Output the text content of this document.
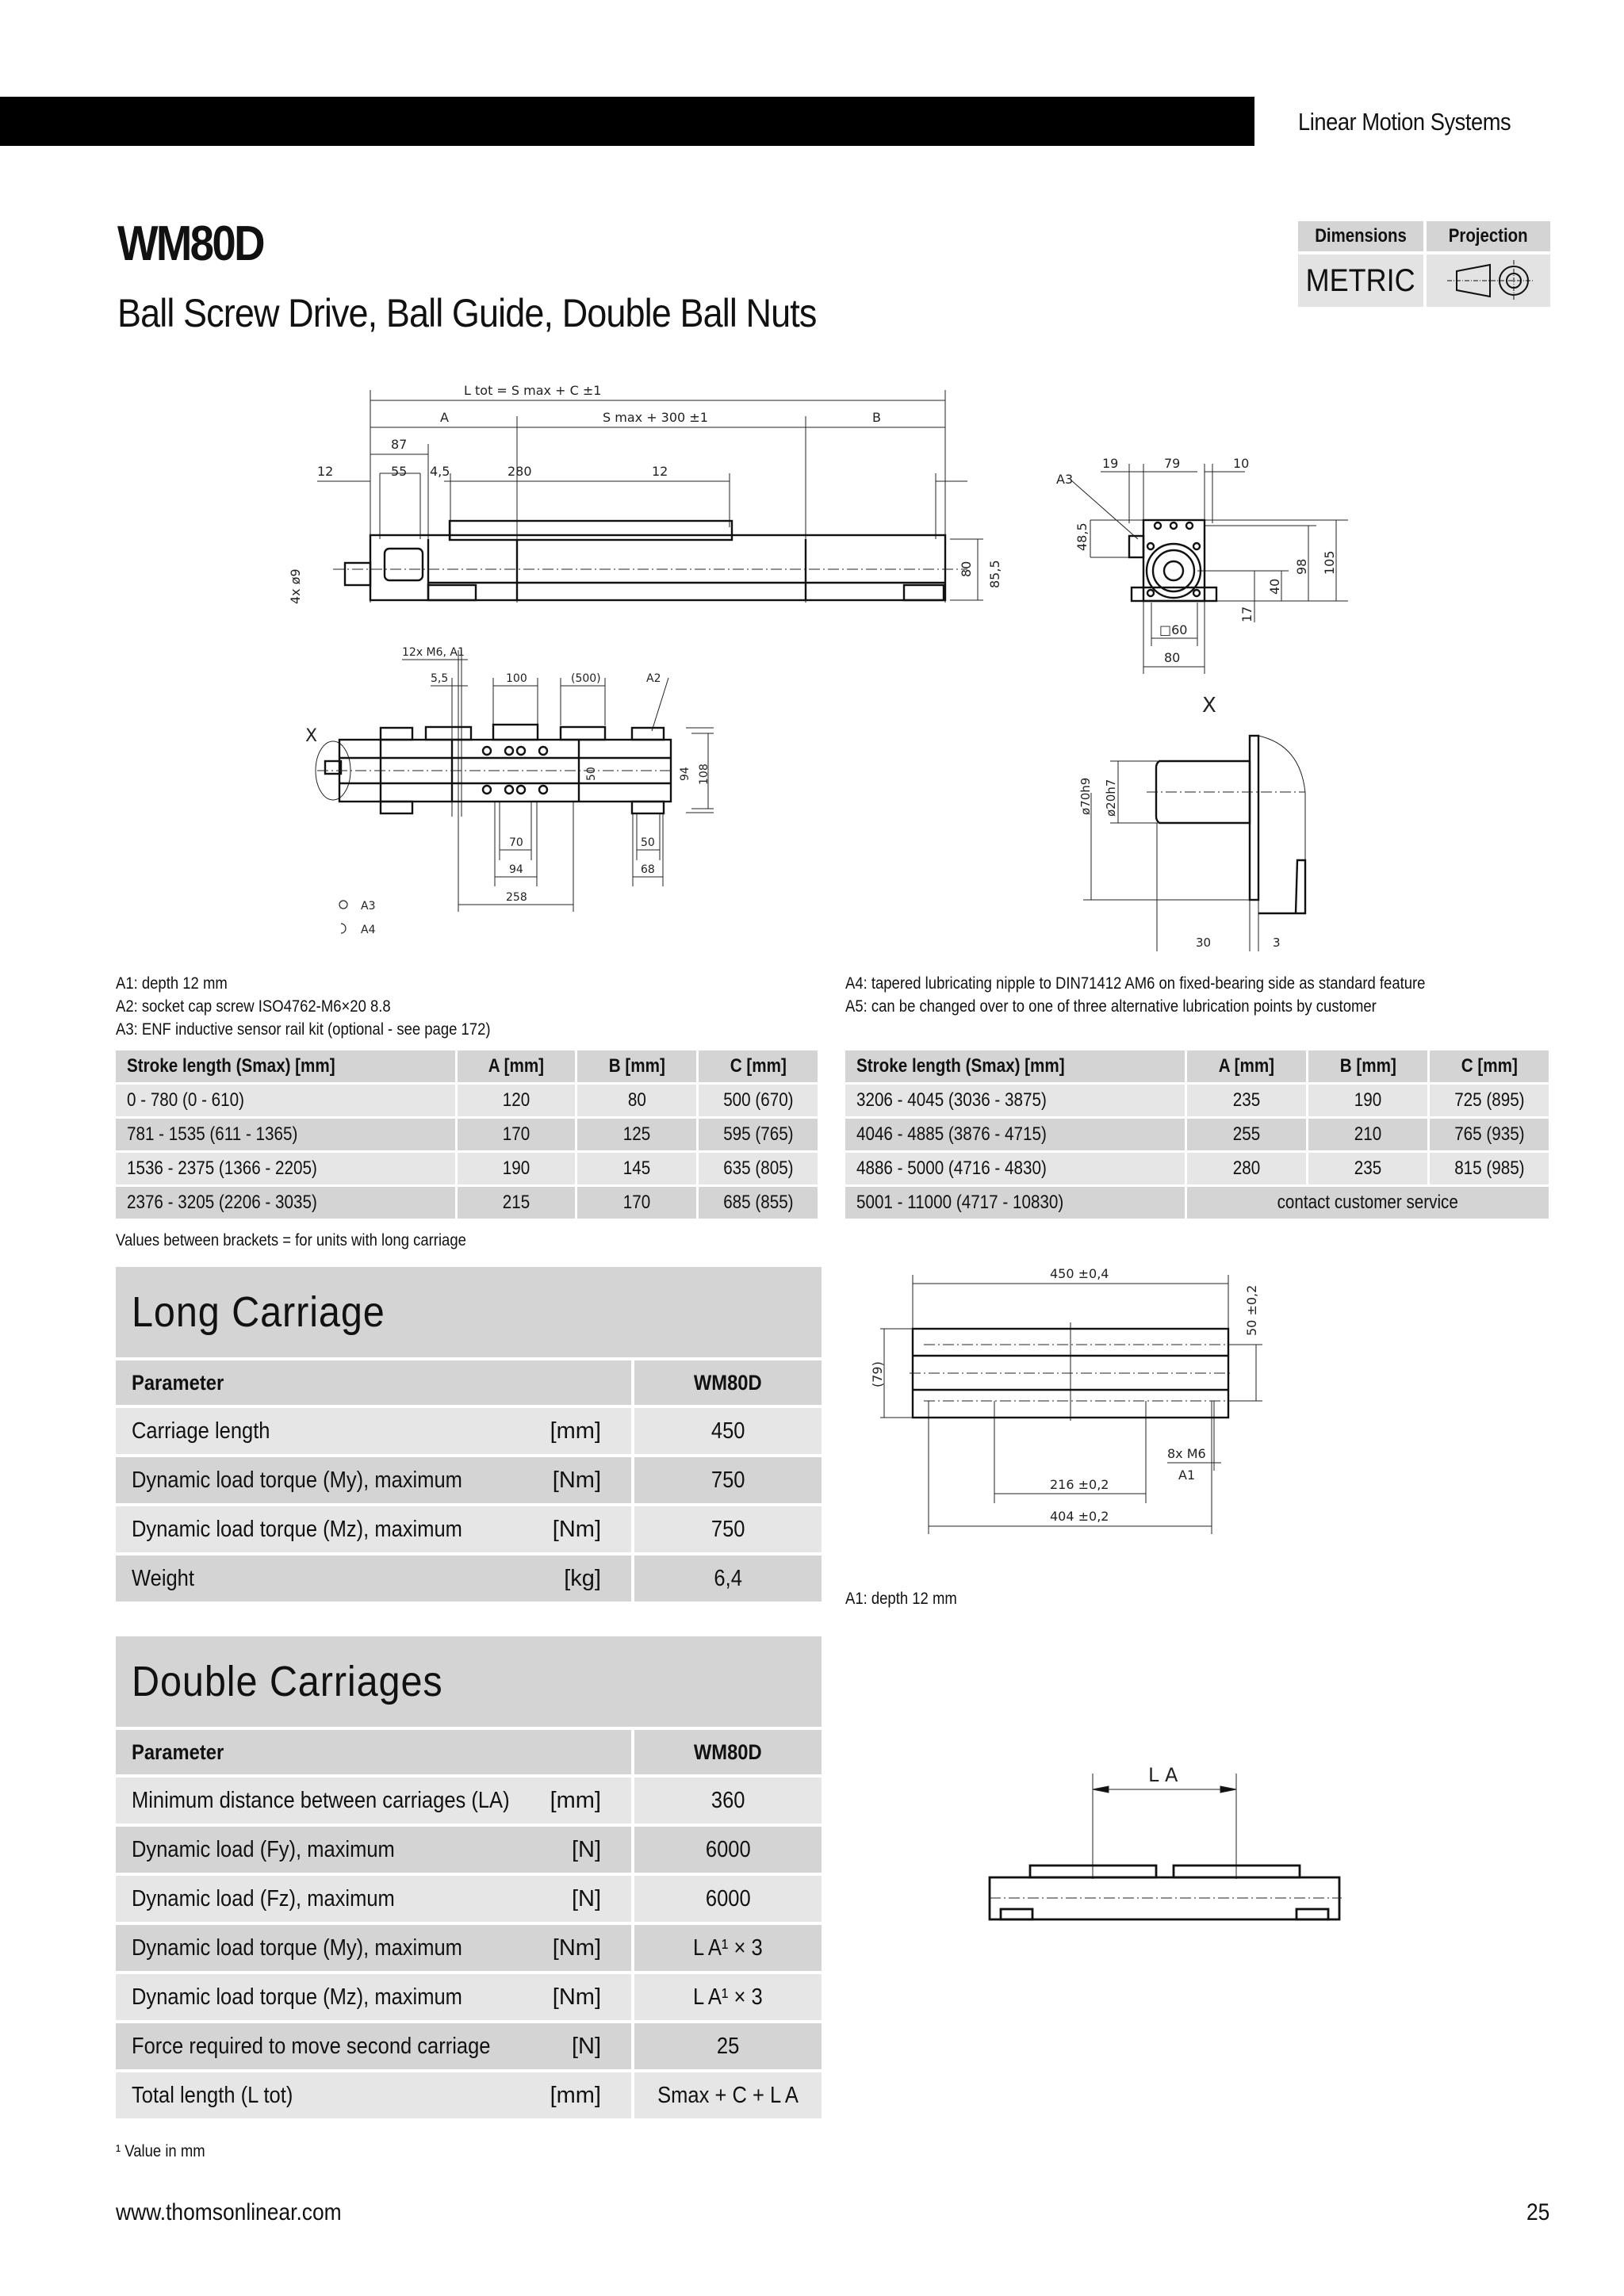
Linear Motion Systems
WM80D
Ball Screw Drive, Ball Guide, Double Ball Nuts
Dimensions Projection
METRIC
L tot = S max + C ±1
A	S max + 300 ±1	B
87
12	55 4,5	280	12
80 85,5
4x ø9
A3
19	79	10
48,5
98 105
40
17
□60
80
X
12x M6, A1
5,5	100	(500)	A2
50	94 108
70
94
258
50
68
A3
A4
X
ø70h9 ø20h7
30	3
A1: depth 12 mm
A2: socket cap screw ISO4762-M6×20 8.8
A3: ENF inductive sensor rail kit (optional - see page 172)
A4: tapered lubricating nipple to DIN71412 AM6 on fixed-bearing side as standard feature
A5: can be changed over to one of three alternative lubrication points by customer
Stroke length (Smax) [mm]	A [mm]	B [mm]	C [mm]
0 - 780 (0 - 610)	120	80	500 (670)
781 - 1535 (611 - 1365)	170	125	595 (765)
1536 - 2375 (1366 - 2205)	190	145	635 (805)
2376 - 3205 (2206 - 3035)	215	170	685 (855)
Values between brackets = for units with long carriage
Stroke length (Smax) [mm]	A [mm]	B [mm]	C [mm]
3206 - 4045 (3036 - 3875)	235	190	725 (895)
4046 - 4885 (3876 - 4715)	255	210	765 (935)
4886 - 5000 (4716 - 4830)	280	235	815 (985)
5001 - 11000 (4717 - 10830)	contact customer service		
Long Carriage
Parameter	WM80D
Carriage length	[mm]	450
Dynamic load torque (My), maximum	[Nm]	750
Dynamic load torque (Mz), maximum	[Nm]	750
Weight	[kg]	6,4
450 ±0,4
50 ±0,2
(79)
8x M6
A1
216 ±0,2
404 ±0,2
A1: depth 12 mm
Double Carriages
Parameter	WM80D
Minimum distance between carriages (LA) [mm]	360
Dynamic load (Fy), maximum	[N]	6000
Dynamic load (Fz), maximum	[N]	6000
Dynamic load torque (My), maximum	[Nm]	L A¹ × 3
Dynamic load torque (Mz), maximum	[Nm]	L A¹ × 3
Force required to move second carriage	[N]	25
Total length (L tot)	[mm] Smax + C + L A
L A
¹ Value in mm
www.thomsonlinear.com	25
